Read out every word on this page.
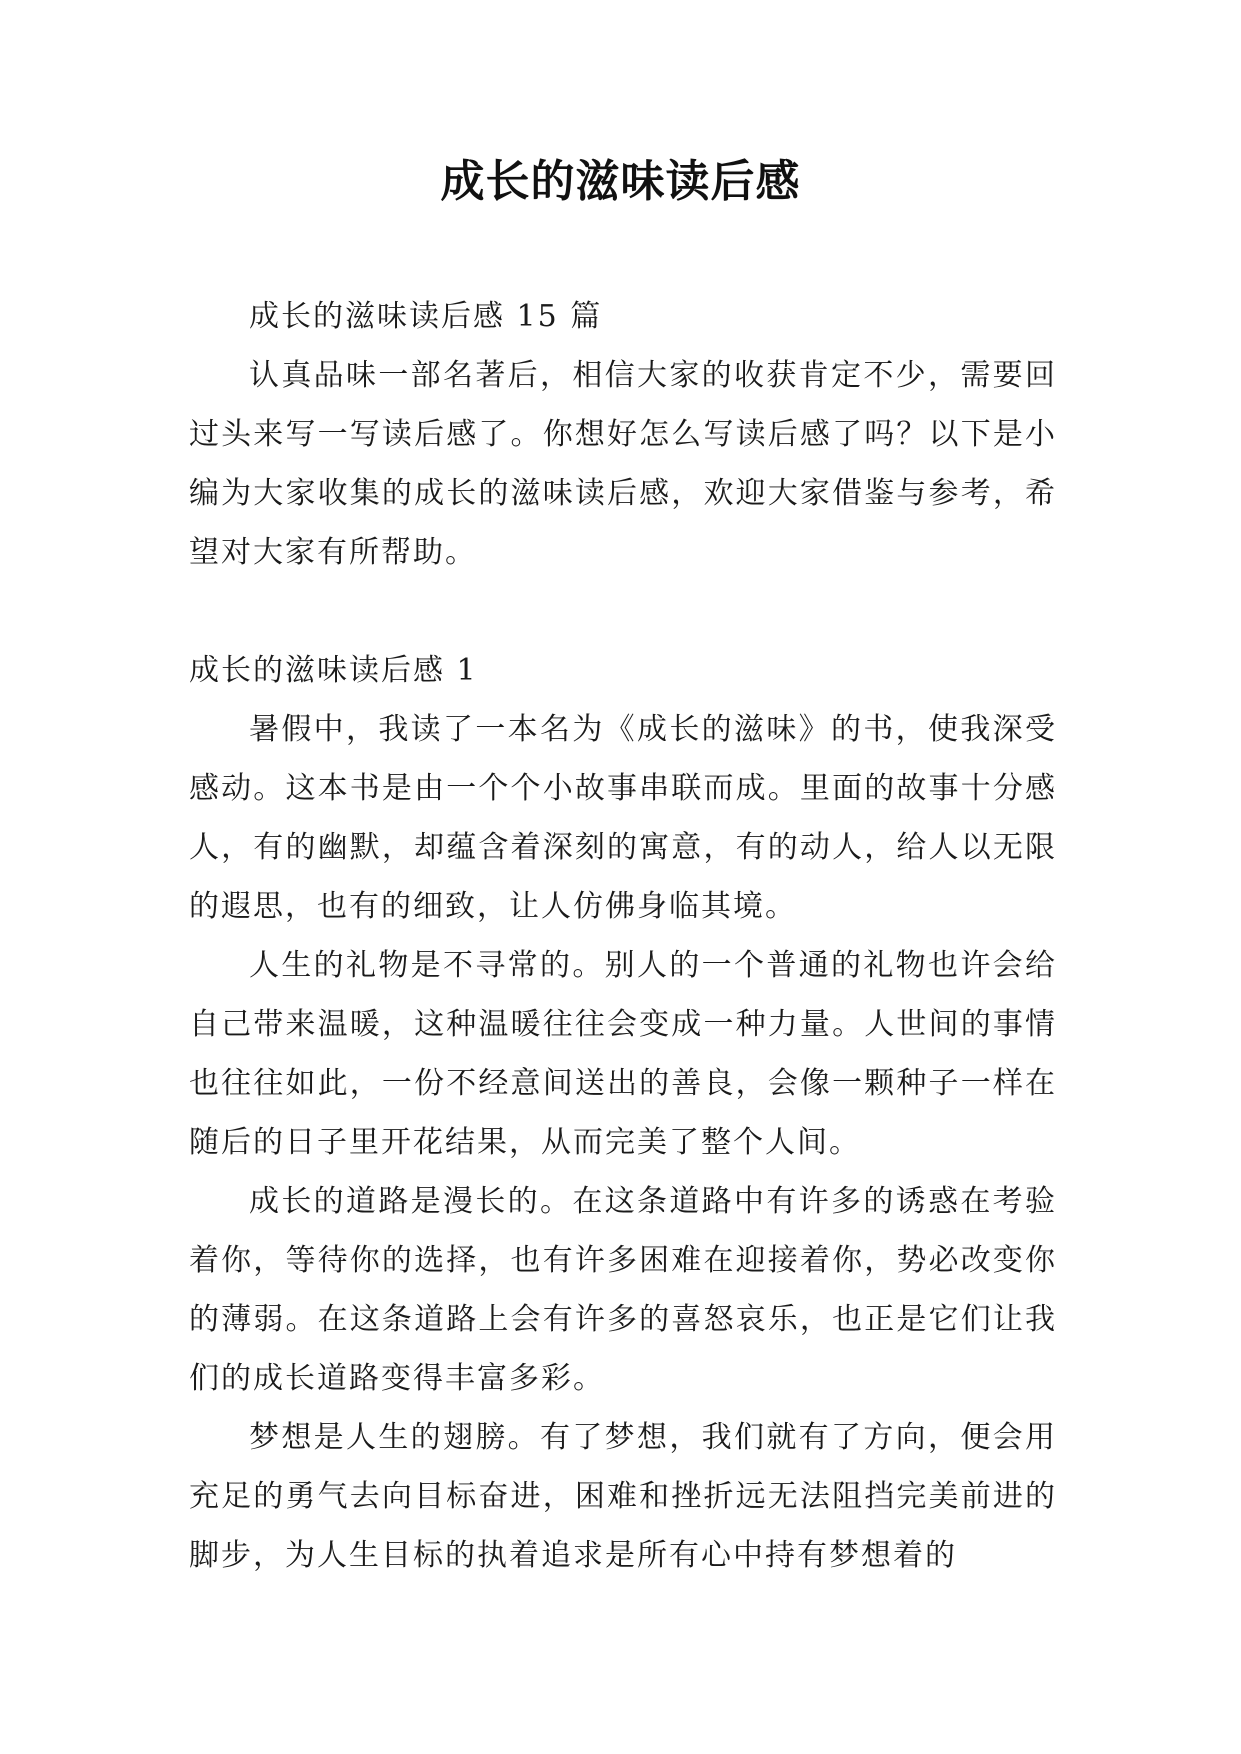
成长的滋味读后感

成长的滋味读后感 15 篇

认真品味一部名著后，相信大家的收获肯定不少，需要回过头来写一写读后感了。你想好怎么写读后感了吗？以下是小编为大家收集的成长的滋味读后感，欢迎大家借鉴与参考，希望对大家有所帮助。

成长的滋味读后感 1

暑假中，我读了一本名为《成长的滋味》的书，使我深受感动。这本书是由一个个小故事串联而成。里面的故事十分感人，有的幽默，却蕴含着深刻的寓意，有的动人，给人以无限的遐思，也有的细致，让人仿佛身临其境。

人生的礼物是不寻常的。别人的一个普通的礼物也许会给自己带来温暖，这种温暖往往会变成一种力量。人世间的事情也往往如此，一份不经意间送出的善良，会像一颗种子一样在随后的日子里开花结果，从而完美了整个人间。

成长的道路是漫长的。在这条道路中有许多的诱惑在考验着你，等待你的选择，也有许多困难在迎接着你，势必改变你的薄弱。在这条道路上会有许多的喜怒哀乐，也正是它们让我们的成长道路变得丰富多彩。

梦想是人生的翅膀。有了梦想，我们就有了方向，便会用充足的勇气去向目标奋进，困难和挫折远无法阻挡完美前进的脚步，为人生目标的执着追求是所有心中持有梦想着的
